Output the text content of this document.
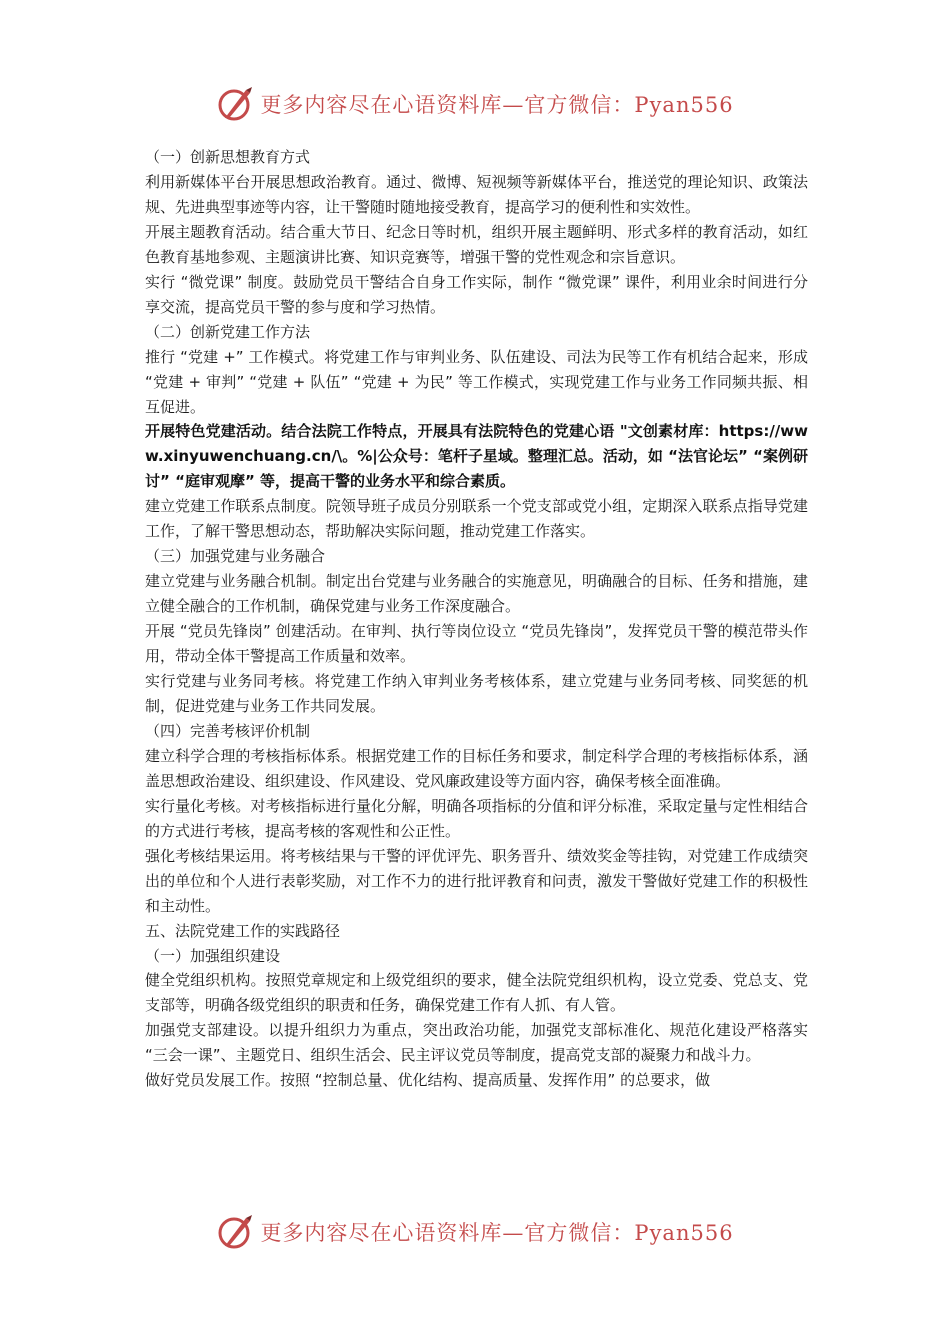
更多内容尽在心语资料库—官方微信：Pyan556

（一）创新思想教育方式

利用新媒体平台开展思想政治教育。通过、微博、短视频等新媒体平台，推送党的理论知识、政策法规、先进典型事迹等内容，让干警随时随地接受教育，提高学习的便利性和实效性。

开展主题教育活动。结合重大节日、纪念日等时机，组织开展主题鲜明、形式多样的教育活动，如红色教育基地参观、主题演讲比赛、知识竞赛等，增强干警的党性观念和宗旨意识。

实行 “微党课” 制度。鼓励党员干警结合自身工作实际，制作 “微党课” 课件，利用业余时间进行分享交流，提高党员干警的参与度和学习热情。

（二）创新党建工作方法

推行 “党建 +” 工作模式。将党建工作与审判业务、队伍建设、司法为民等工作有机结合起来，形成 “党建 + 审判” “党建 + 队伍” “党建 + 为民” 等工作模式，实现党建工作与业务工作同频共振、相互促进。

开展特色党建活动。结合法院工作特点，开展具有法院特色的党建心语 "文创素材库：https://www.xinyuwenchuang.cn/\。%|公众号：笔杆子星域。整理汇总。活动，如 “法官论坛” “案例研讨” “庭审观摩” 等，提高干警的业务水平和综合素质。

建立党建工作联系点制度。院领导班子成员分别联系一个党支部或党小组，定期深入联系点指导党建工作，了解干警思想动态，帮助解决实际问题，推动党建工作落实。

（三）加强党建与业务融合

建立党建与业务融合机制。制定出台党建与业务融合的实施意见，明确融合的目标、任务和措施，建立健全融合的工作机制，确保党建与业务工作深度融合。

开展 “党员先锋岗” 创建活动。在审判、执行等岗位设立 “党员先锋岗”，发挥党员干警的模范带头作用，带动全体干警提高工作质量和效率。

实行党建与业务同考核。将党建工作纳入审判业务考核体系，建立党建与业务同考核、同奖惩的机制，促进党建与业务工作共同发展。

（四）完善考核评价机制

建立科学合理的考核指标体系。根据党建工作的目标任务和要求，制定科学合理的考核指标体系，涵盖思想政治建设、组织建设、作风建设、党风廉政建设等方面内容，确保考核全面准确。

实行量化考核。对考核指标进行量化分解，明确各项指标的分值和评分标准，采取定量与定性相结合的方式进行考核，提高考核的客观性和公正性。

强化考核结果运用。将考核结果与干警的评优评先、职务晋升、绩效奖金等挂钩，对党建工作成绩突出的单位和个人进行表彰奖励，对工作不力的进行批评教育和问责，激发干警做好党建工作的积极性和主动性。

五、法院党建工作的实践路径

（一）加强组织建设

健全党组织机构。按照党章规定和上级党组织的要求，健全法院党组织机构，设立党委、党总支、党支部等，明确各级党组织的职责和任务，确保党建工作有人抓、有人管。

加强党支部建设。以提升组织力为重点，突出政治功能，加强党支部标准化、规范化建设严格落实 “三会一课”、主题党日、组织生活会、民主评议党员等制度，提高党支部的凝聚力和战斗力。

做好党员发展工作。按照 “控制总量、优化结构、提高质量、发挥作用” 的总要求，做

更多内容尽在心语资料库—官方微信：Pyan556
